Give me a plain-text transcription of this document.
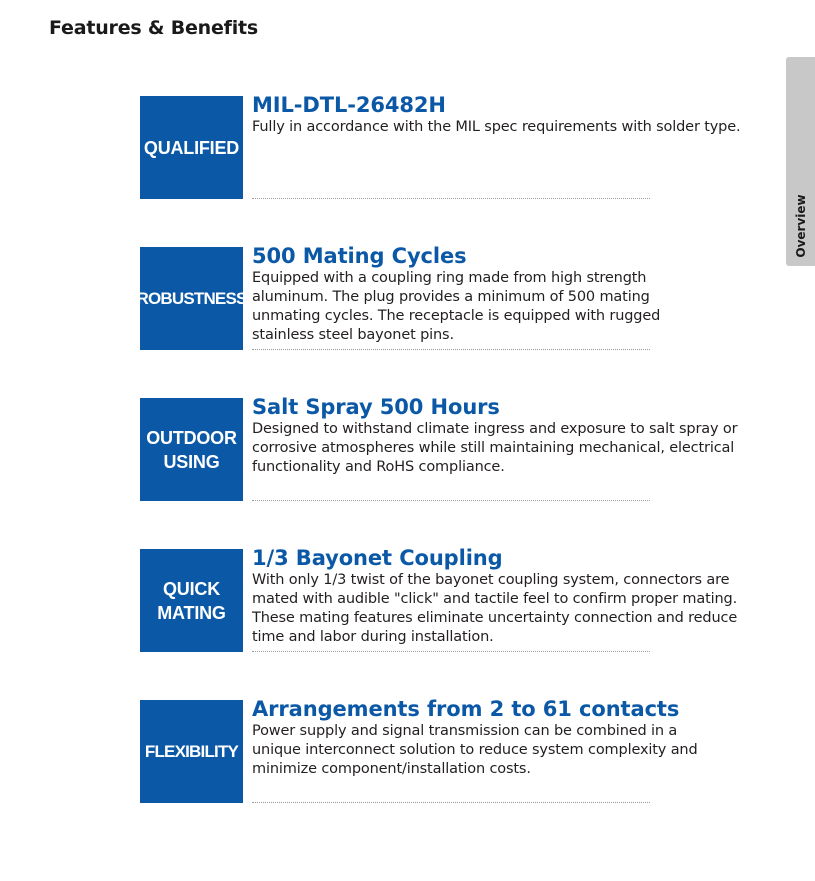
Features & Benefits
Overview
QUALIFIED
MIL-DTL-26482H

Fully in accordance with the MIL spec requirements with solder type.

ROBUSTNESS
500 Mating Cycles

Equipped with a coupling ring made from high strength aluminum. The plug provides a minimum of 500 mating unmating cycles. The receptacle is equipped with rugged stainless steel bayonet pins.

OUTDOOR
USING
Salt Spray 500 Hours

Designed to withstand climate ingress and exposure to salt spray or corrosive atmospheres while still maintaining mechanical, electrical functionality and RoHS compliance.

QUICK
MATING
1/3 Bayonet Coupling

With only 1/3 twist of the bayonet coupling system, connectors are mated with audible "click" and tactile feel to confirm proper mating. These mating features eliminate uncertainty connection and reduce time and labor during installation.

FLEXIBILITY
Arrangements from 2 to 61 contacts

Power supply and signal transmission can be combined in a unique interconnect solution to reduce system complexity and minimize component/installation costs.
